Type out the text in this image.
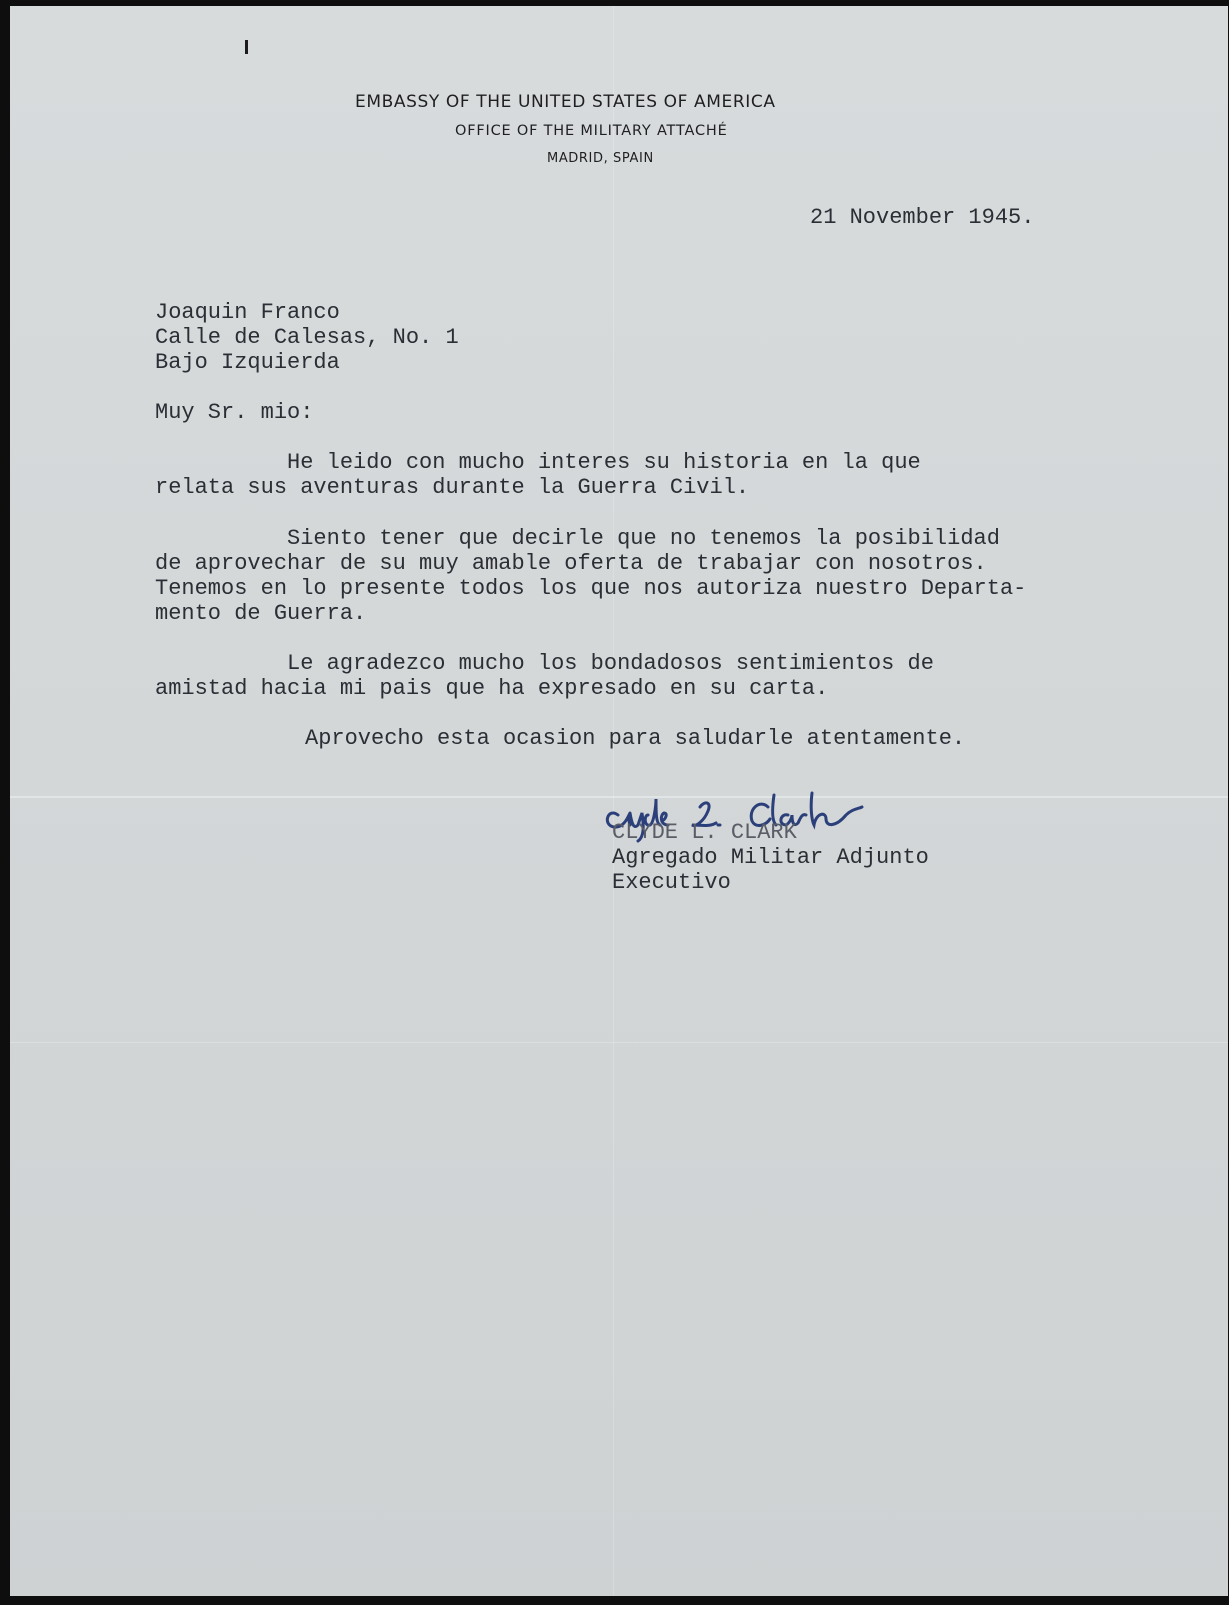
EMBASSY OF THE UNITED STATES OF AMERICA
OFFICE OF THE MILITARY ATTACHÉ
MADRID, SPAIN
21 November 1945.
Joaquin Franco
Calle de Calesas, No. 1
Bajo Izquierda
Muy Sr. mio:
He leido con mucho interes su historia en la que
relata sus aventuras durante la Guerra Civil.
Siento tener que decirle que no tenemos la posibilidad
de aprovechar de su muy amable oferta de trabajar con nosotros.
Tenemos en lo presente todos los que nos autoriza nuestro Departa-
mento de Guerra.
Le agradezco mucho los bondadosos sentimientos de
amistad hacia mi pais que ha expresado en su carta.
Aprovecho esta ocasion para saludarle atentamente.
CLYDE L. CLARK
Agregado Militar Adjunto
Executivo
